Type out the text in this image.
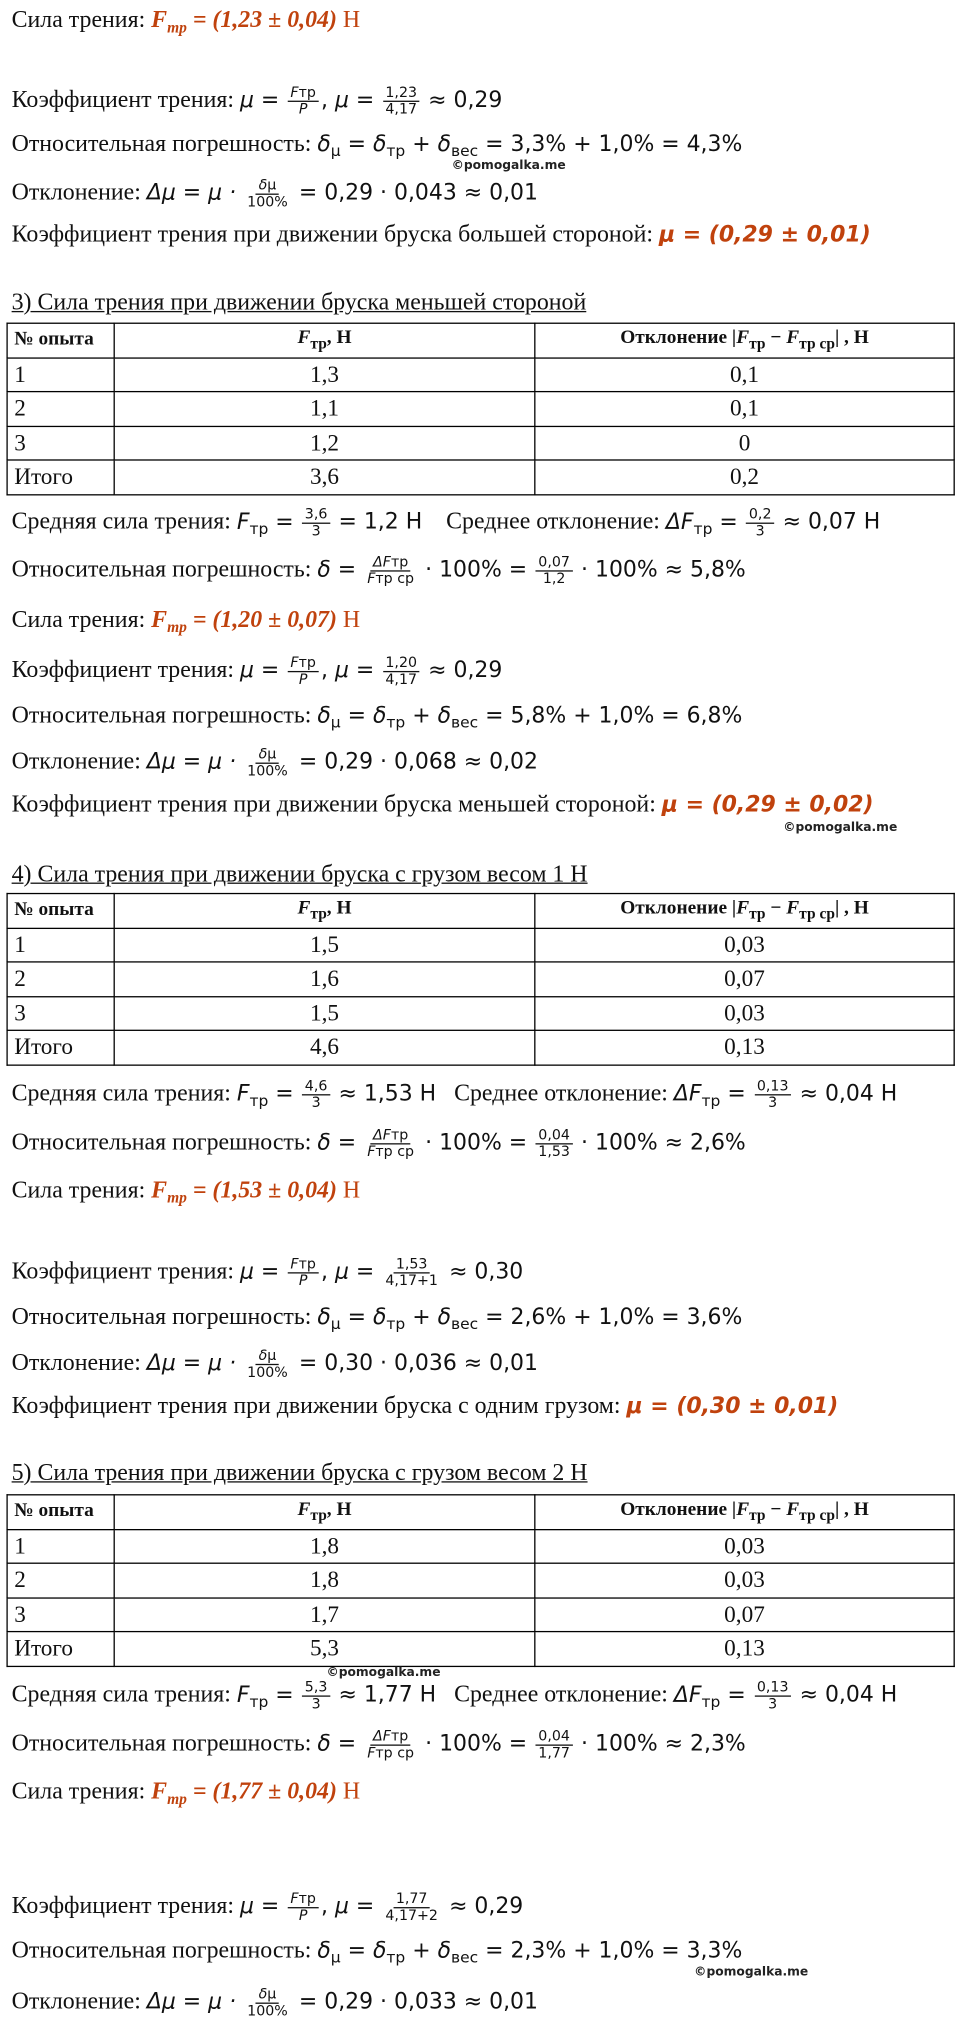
Сила трения: $F_{тр} = (1,23 \pm 0,04)$ Н
Коэффициент трения: μ = Fтр
P , $\mu = \frac{1,23}{4,17} \approx 0,29$
Относительная погрешность: $\delta_\mu = \delta_{тр} + \delta_{вес} = 3,3\% + 1,0\% = 4,3\%$
©pomogalka.me
Отклонение: $\Delta\mu = \mu \cdot \frac{\delta\mu}{100\%} = 0,29 \cdot 0,043 \approx 0,01$
Коэффициент трения при движении бруска большей стороной: μ = (0,29 ± 0,01)
3) Сила трения при движении бруска меньшей стороной
№ опыта	$F_{тр}$, Н	Отклонение $|F_{тр} - F_{тр ср}|$ , Н
1	1,3	0,1
2	1,1	0,1
3	1,2	0
Итого	3,6	0,2
Средняя сила трения: $F_{тр} = \frac{3,6}{3} = 1,2$ Н Среднее отклонение: $\Delta F_{тр} = \frac{0,2}{3} \approx 0,07$ Н
Относительная погрешность: δ = ΔFтр
Fтр ср · $100\% = \frac{0,07}{1,2} \cdot 100\% \approx 5,8\%$
Сила трения: $F_{тр} = (1,20 \pm 0,07)$ Н
Коэффициент трения: μ = Fтр
P , $\mu = \frac{1,20}{4,17} \approx 0,29$
Относительная погрешность: $\delta_\mu = \delta_{тр} + \delta_{вес} = 5,8\% + 1,0\% = 6,8\%$
Отклонение: $\Delta\mu = \mu \cdot \frac{\delta\mu}{100\%} = 0,29 \cdot 0,068 \approx 0,02$
Коэффициент трения при движении бруска меньшей стороной: μ = (0,29 ± 0,02)
©pomogalka.me
4) Сила трения при движении бруска с грузом весом 1 Н
№ опыта	$F_{тр}$, Н	Отклонение $|F_{тр} - F_{тр ср}|$ , Н
1	1,5	0,03
2	1,6	0,07
3	1,5	0,03
Итого	4,6	0,13
Средняя сила трения: $F_{тр} = \frac{4,6}{3} \approx 1,53$ Н Среднее отклонение: $\Delta F_{тр} = \frac{0,13}{3} \approx 0,04$ Н
Относительная погрешность: δ = ΔFтр
Fтр ср · $100\% = \frac{0,04}{1,53} \cdot 100\% \approx 2,6\%$
Сила трения: $F_{тр} = (1,53 \pm 0,04)$ Н
Коэффициент трения: μ = Fтр
P , $\mu = \frac{1,53}{4,17+1} \approx 0,30$
Относительная погрешность: $\delta_\mu = \delta_{тр} + \delta_{вес} = 2,6\% + 1,0\% = 3,6\%$
Отклонение: $\Delta\mu = \mu \cdot \frac{\delta\mu}{100\%} = 0,30 \cdot 0,036 \approx 0,01$
Коэффициент трения при движении бруска с одним грузом: μ = (0,30 ± 0,01)
5) Сила трения при движении бруска с грузом весом 2 Н
№ опыта	$F_{тр}$, Н	Отклонение $|F_{тр} - F_{тр ср}|$ , Н
1	1,8	0,03
2	1,8	0,03
3	1,7	0,07
Итого	5,3	0,13
©pomogalka.me
Средняя сила трения: $F_{тр} = \frac{5,3}{3} \approx 1,77$ Н Среднее отклонение: $\Delta F_{тр} = \frac{0,13}{3} \approx 0,04$ Н
Относительная погрешность: δ = ΔFтр
Fтр ср · $100\% = \frac{0,04}{1,77} \cdot 100\% \approx 2,3\%$
Сила трения: $F_{тр} = (1,77 \pm 0,04)$ Н
Коэффициент трения: μ = Fтр
P , $\mu = \frac{1,77}{4,17+2} \approx 0,29$
Относительная погрешность: $\delta_\mu = \delta_{тр} + \delta_{вес} = 2,3\% + 1,0\% = 3,3\%$
©pomogalka.me
Отклонение: $\Delta\mu = \mu \cdot \frac{\delta\mu}{100\%} = 0,29 \cdot 0,033 \approx 0,01$
